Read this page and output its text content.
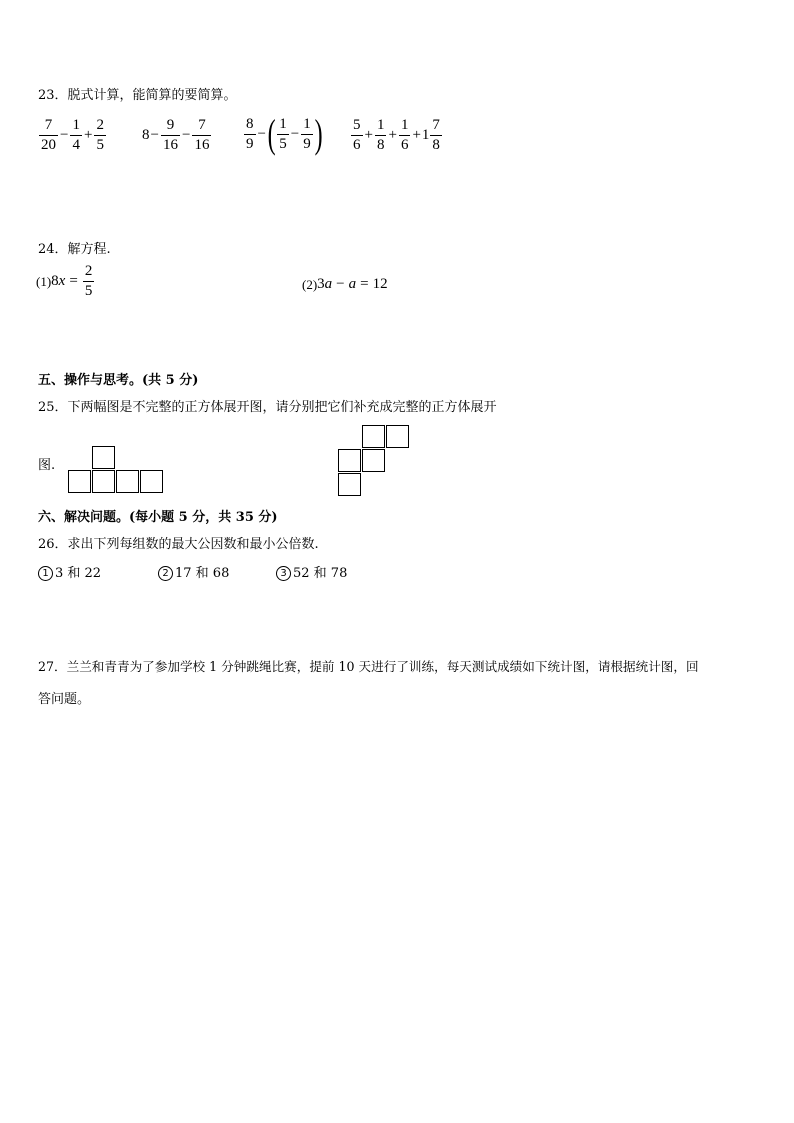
23．脱式计算，能简算的要简算。
$\frac{7}{20} - \frac{1}{4} + \frac{2}{5} 8 - \frac{9}{16} - \frac{7}{16} \frac{8}{9}$ − ( $\frac{1}{5} - \frac{1}{9}$ ) $\frac{5}{6} + \frac{1}{8} + \frac{1}{6} + 1 \frac{7}{8}$
24．解方程.
(1) 8 $x = \frac{2}{5}$	(2) 3 a − a = 12
五、操作与思考。(共 5 分)
25．下两幅图是不完整的正方体展开图，请分别把它们补充成完整的正方体展开
图.
六、解决问题。(每小题 5 分，共 35 分)
26．求出下列每组数的最大公因数和最小公倍数.
1 3 和 22	2 17 和 68	3 52 和 78
27．兰兰和青青为了参加学校 1 分钟跳绳比赛，提前 10 天进行了训练，每天测试成绩如下统计图，请根据统计图，回
答问题。
